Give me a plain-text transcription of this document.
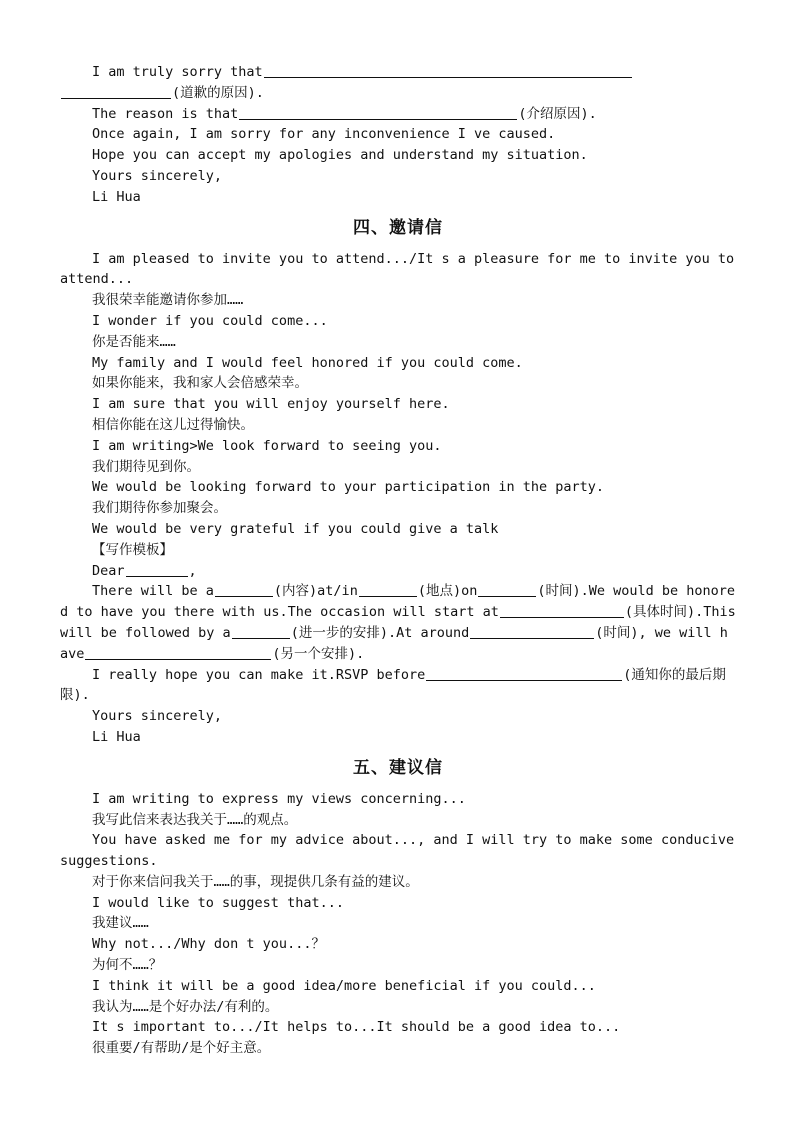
I am truly sorry that
(道歉的原因).
The reason is that	(介绍原因).
Once again, I am sorry for any inconvenience I ve caused.
Hope you can accept my apologies and understand my situation.
Yours sincerely,
Li Hua
四、邀请信
I am pleased to invite you to attend.../It s a pleasure for me to invite you to attend...
我很荣幸能邀请你参加……
I wonder if you could come...
你是否能来……
My family and I would feel honored if you could come.
如果你能来，我和家人会倍感荣幸。
I am sure that you will enjoy yourself here.
相信你能在这儿过得愉快。
I am writing>We look forward to seeing you.
我们期待见到你。
We would be looking forward to your participation in the party.
我们期待你参加聚会。
We would be very grateful if you could give a talk
【写作模板】
Dear	,
There will be a	(内容)at/in	(地点)on	(时间).We would be honored to have you there with us.The occasion will start at	(具体时间).This will be followed by a	(进一步的安排).At around	(时间), we will have	(另一个安排).
I really hope you can make it.RSVP before	(通知你的最后期限).
Yours sincerely,
Li Hua
五、建议信
I am writing to express my views concerning...
我写此信来表达我关于……的观点。
You have asked me for my advice about..., and I will try to make some conducive suggestions.
对于你来信问我关于……的事，现提供几条有益的建议。
I would like to suggest that...
我建议……
Why not.../Why don t you...？
为何不……？
I think it will be a good idea/more beneficial if you could...
我认为……是个好办法/有利的。
It s important to.../It helps to...It should be a good idea to...
很重要/有帮助/是个好主意。
